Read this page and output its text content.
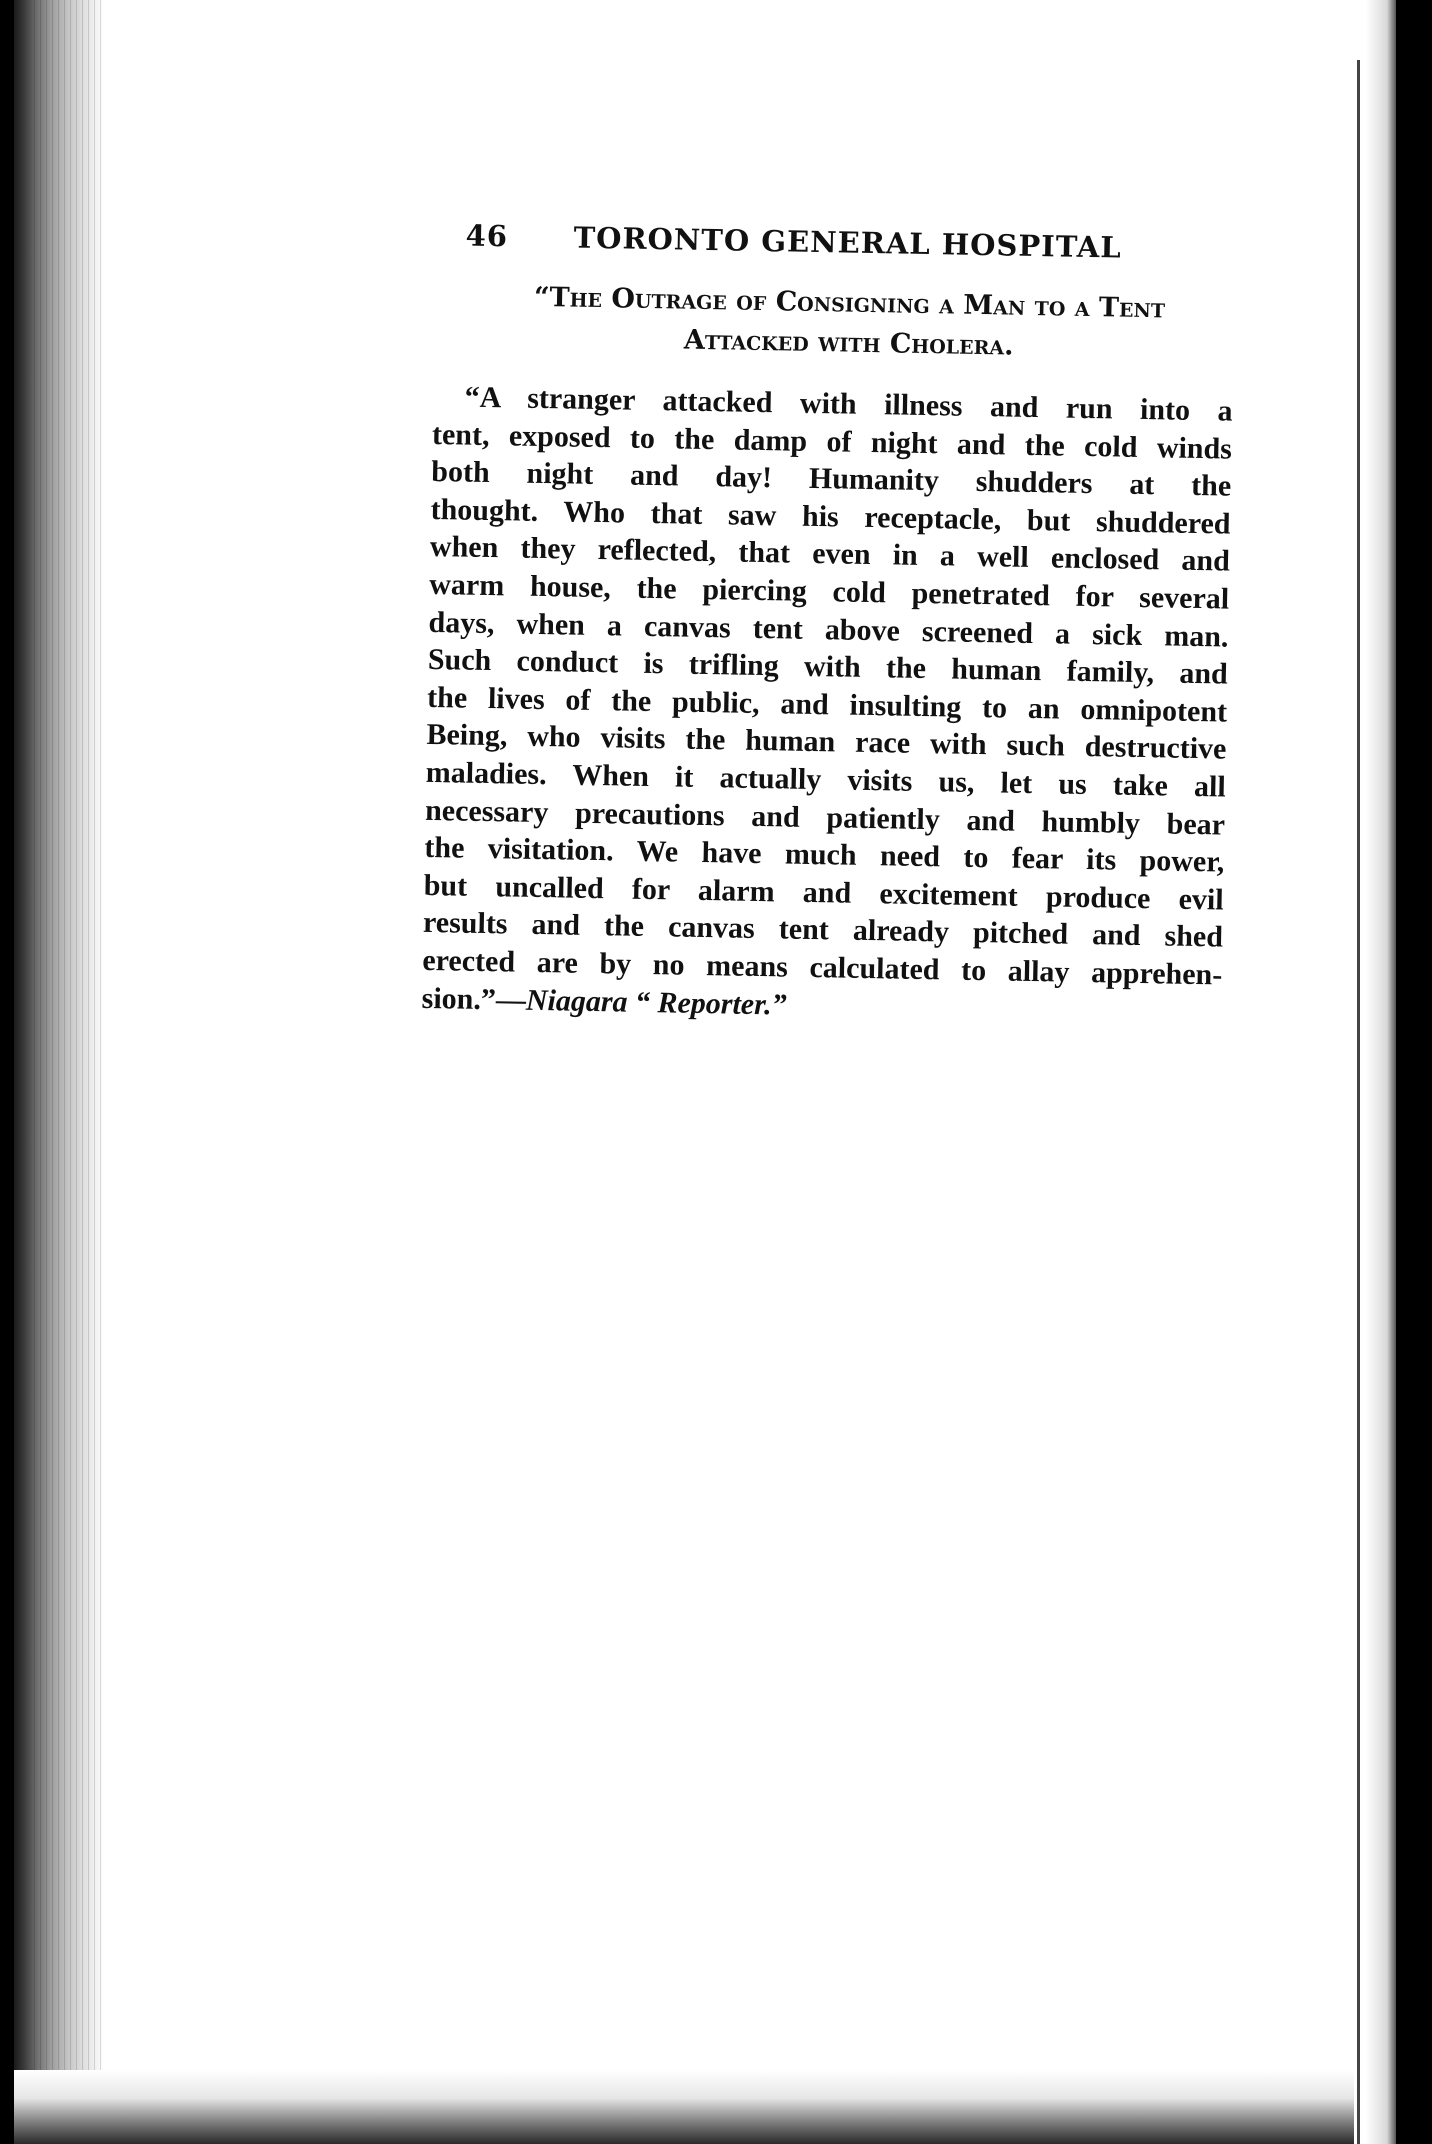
46	TORONTO GENERAL HOSPITAL
“The Outrage of Consigning a Man to a Tent
Attacked with Cholera.
“A stranger attacked with illness and run into a
tent, exposed to the damp of night and the cold winds
both night and day! Humanity shudders at the
thought. Who that saw his receptacle, but shuddered
when they reflected, that even in a well enclosed and
warm house, the piercing cold penetrated for several
days, when a canvas tent above screened a sick man.
Such conduct is trifling with the human family, and
the lives of the public, and insulting to an omnipotent
Being, who visits the human race with such destructive
maladies. When it actually visits us, let us take all
necessary precautions and patiently and humbly bear
the visitation. We have much need to fear its power,
but uncalled for alarm and excitement produce evil
results and the canvas tent already pitched and shed
erected are by no means calculated to allay apprehen-
sion.”—Niagara “ Reporter.”
